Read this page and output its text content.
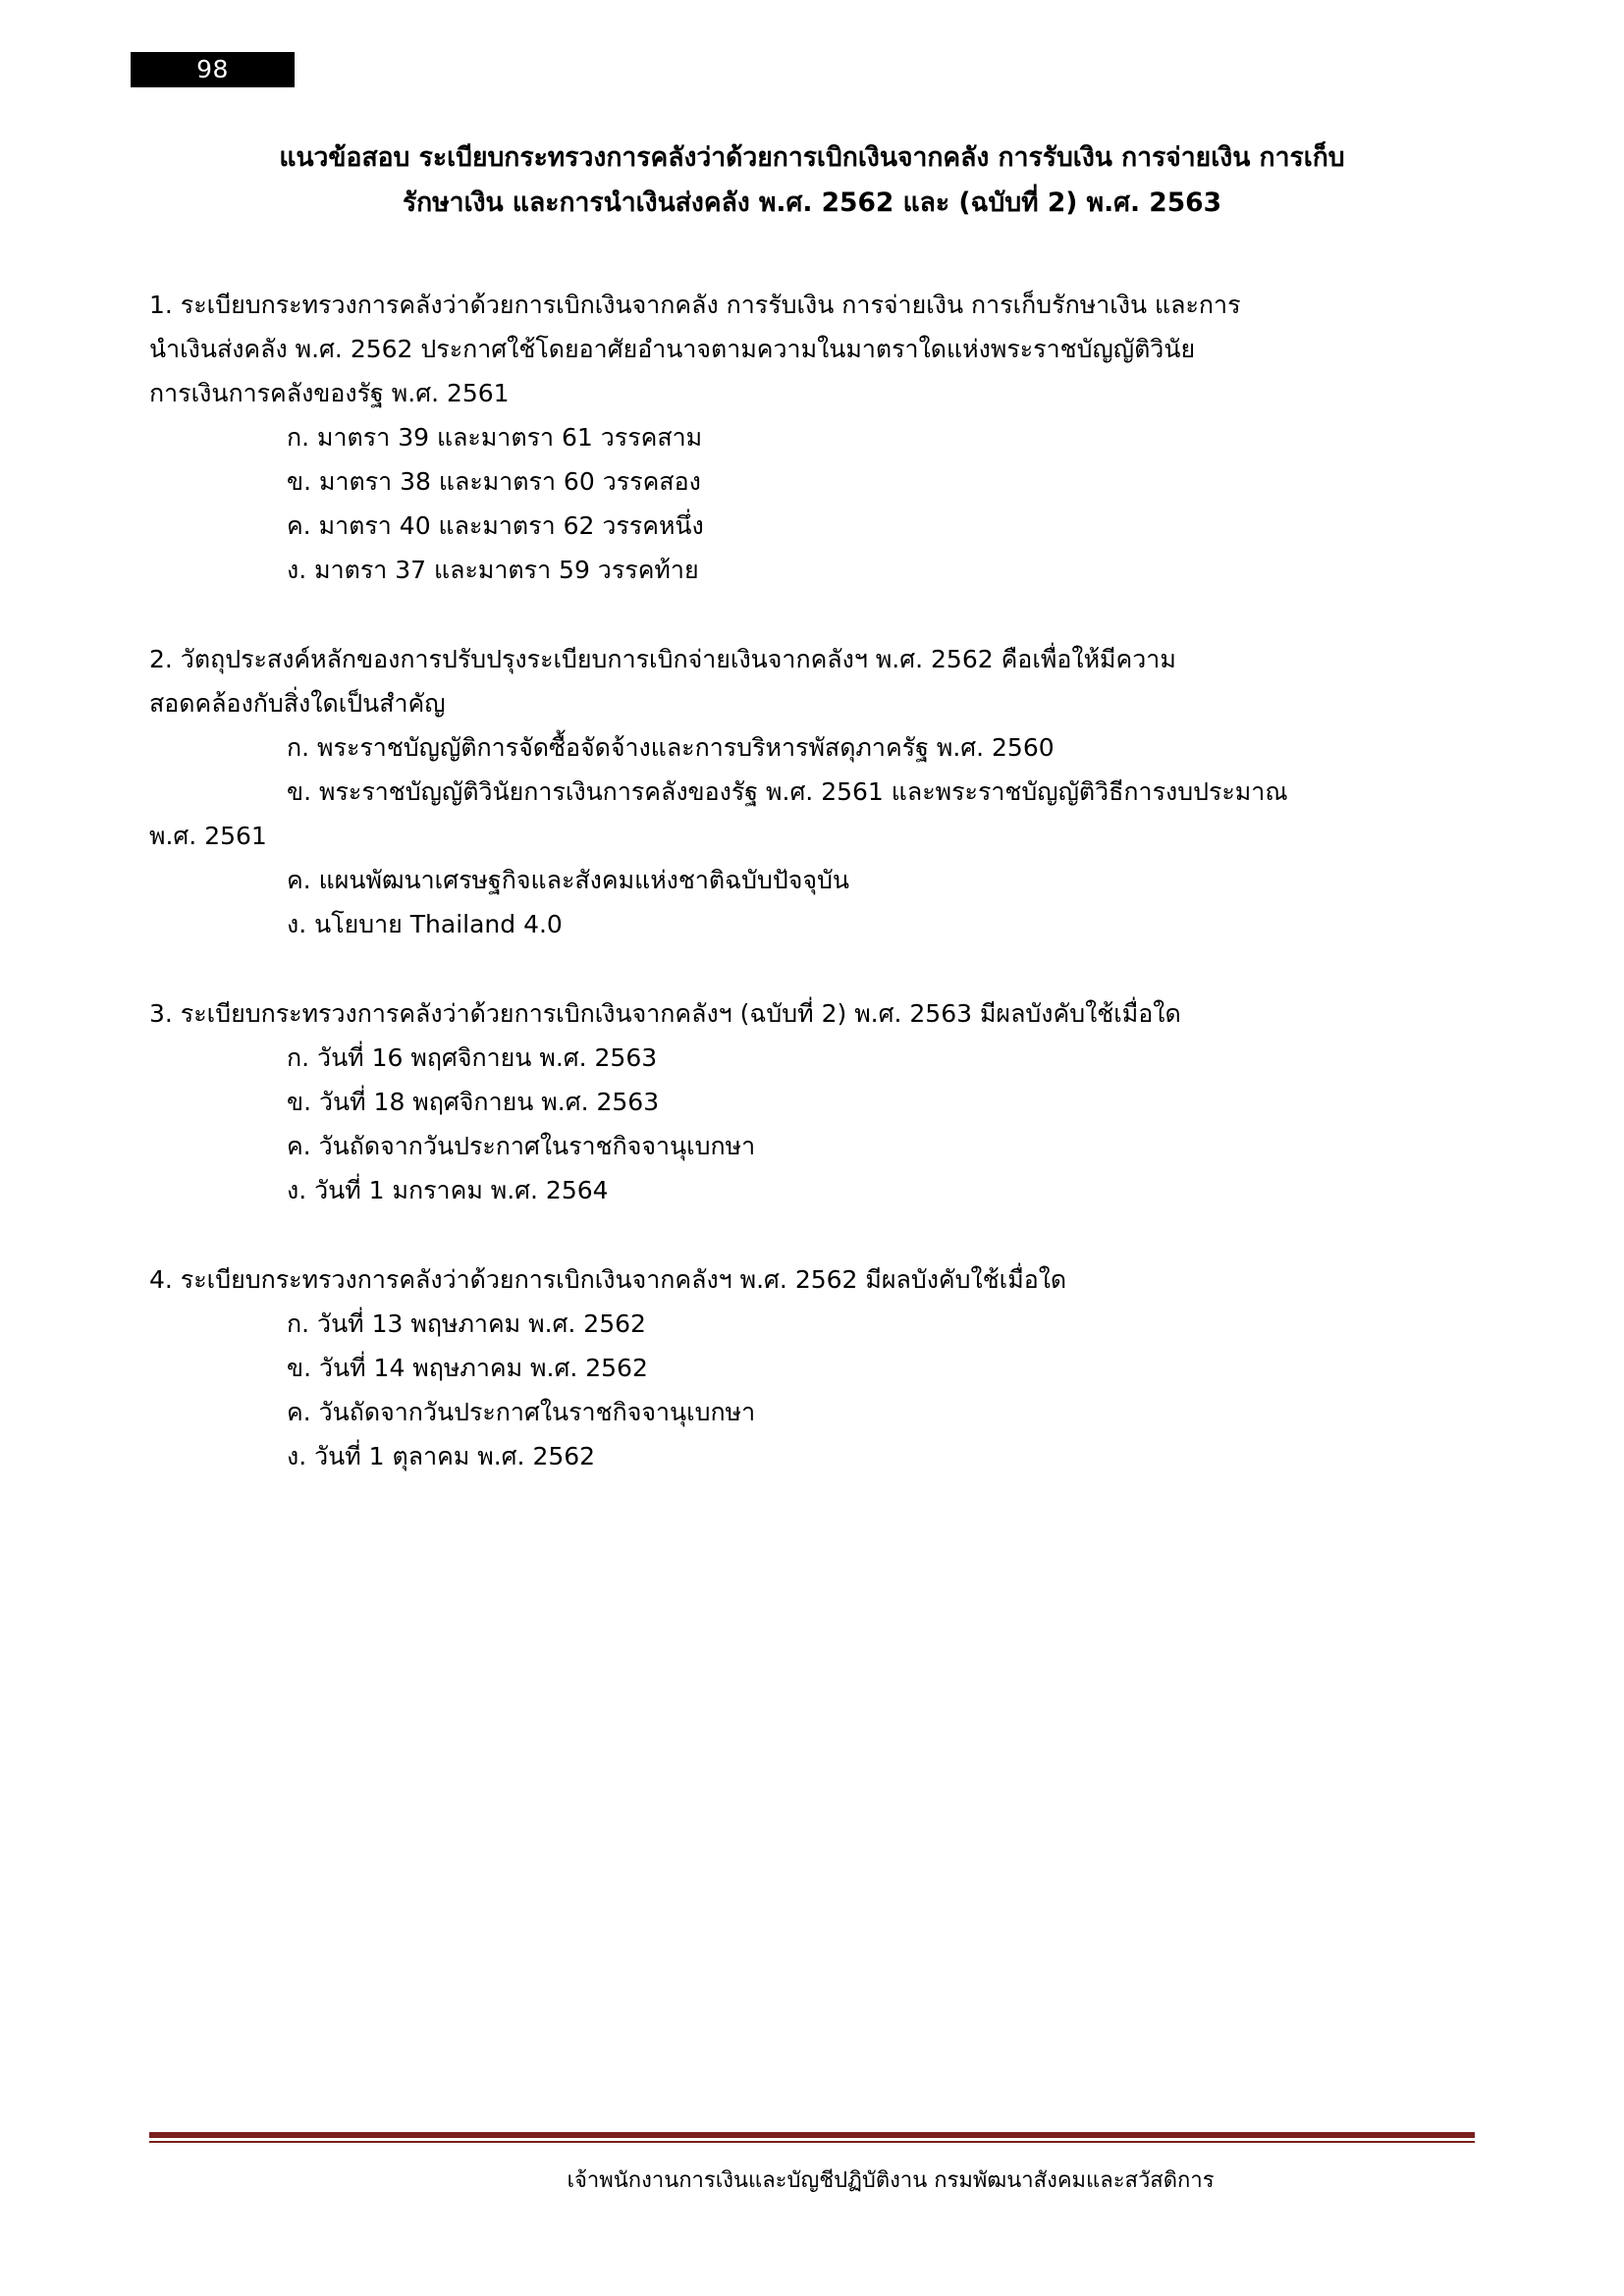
98
แนวข้อสอบ ระเบียบกระทรวงการคลังว่าด้วยการเบิกเงินจากคลัง การรับเงิน การจ่ายเงิน การเก็บ
รักษาเงิน และการนำเงินส่งคลัง พ.ศ. 2562 และ (ฉบับที่ 2) พ.ศ. 2563
1. ระเบียบกระทรวงการคลังว่าด้วยการเบิกเงินจากคลัง การรับเงิน การจ่ายเงิน การเก็บรักษาเงิน และการ
นำเงินส่งคลัง พ.ศ. 2562 ประกาศใช้โดยอาศัยอำนาจตามความในมาตราใดแห่งพระราชบัญญัติวินัย
การเงินการคลังของรัฐ พ.ศ. 2561
ก. มาตรา 39 และมาตรา 61 วรรคสาม
ข. มาตรา 38 และมาตรา 60 วรรคสอง
ค. มาตรา 40 และมาตรา 62 วรรคหนึ่ง
ง. มาตรา 37 และมาตรา 59 วรรคท้าย
2. วัตถุประสงค์หลักของการปรับปรุงระเบียบการเบิกจ่ายเงินจากคลังฯ พ.ศ. 2562 คือเพื่อให้มีความ
สอดคล้องกับสิ่งใดเป็นสำคัญ
ก. พระราชบัญญัติการจัดซื้อจัดจ้างและการบริหารพัสดุภาครัฐ พ.ศ. 2560
ข. พระราชบัญญัติวินัยการเงินการคลังของรัฐ พ.ศ. 2561 และพระราชบัญญัติวิธีการงบประมาณ
พ.ศ. 2561
ค. แผนพัฒนาเศรษฐกิจและสังคมแห่งชาติฉบับปัจจุบัน
ง. นโยบาย Thailand 4.0
3. ระเบียบกระทรวงการคลังว่าด้วยการเบิกเงินจากคลังฯ (ฉบับที่ 2) พ.ศ. 2563 มีผลบังคับใช้เมื่อใด
ก. วันที่ 16 พฤศจิกายน พ.ศ. 2563
ข. วันที่ 18 พฤศจิกายน พ.ศ. 2563
ค. วันถัดจากวันประกาศในราชกิจจานุเบกษา
ง. วันที่ 1 มกราคม พ.ศ. 2564
4. ระเบียบกระทรวงการคลังว่าด้วยการเบิกเงินจากคลังฯ พ.ศ. 2562 มีผลบังคับใช้เมื่อใด
ก. วันที่ 13 พฤษภาคม พ.ศ. 2562
ข. วันที่ 14 พฤษภาคม พ.ศ. 2562
ค. วันถัดจากวันประกาศในราชกิจจานุเบกษา
ง. วันที่ 1 ตุลาคม พ.ศ. 2562
เจ้าพนักงานการเงินและบัญชีปฏิบัติงาน กรมพัฒนาสังคมและสวัสดิการ
